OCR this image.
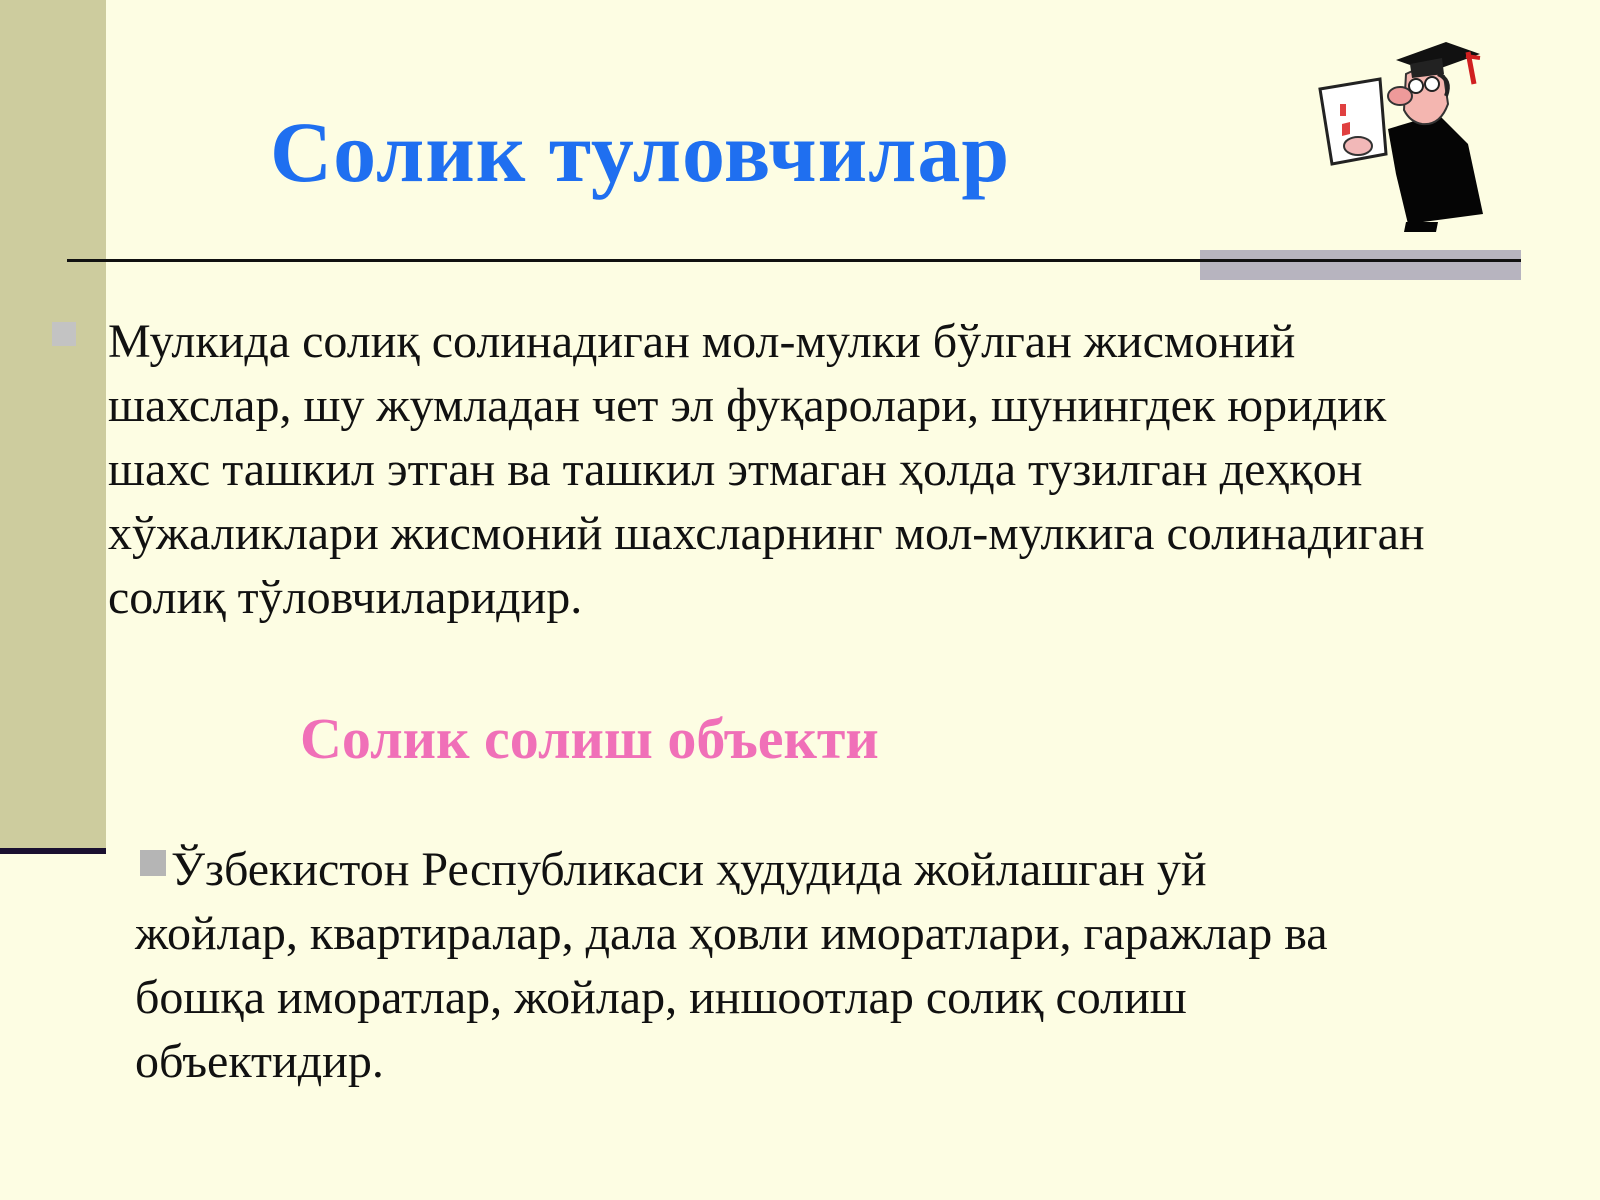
Солик туловчилар

Мулкида солиқ солинадиган мол-мулки бўлган жисмоний
шахслар, шу жумладан чет эл фуқаролари, шунингдек юридик
шахс ташкил этган ва ташкил этмаган ҳолда тузилган деҳқон
хўжаликлари жисмоний шахсларнинг мол-мулкига солинадиган
солиқ тўловчиларидир.

Солик солиш объекти

Ўзбекистон Республикаси ҳудудида жойлашган уй
жойлар, квартиралар, дала ҳовли иморатлари, гаражлар ва
бошқа иморатлар, жойлар, иншоотлар солиқ солиш
объектидир.
